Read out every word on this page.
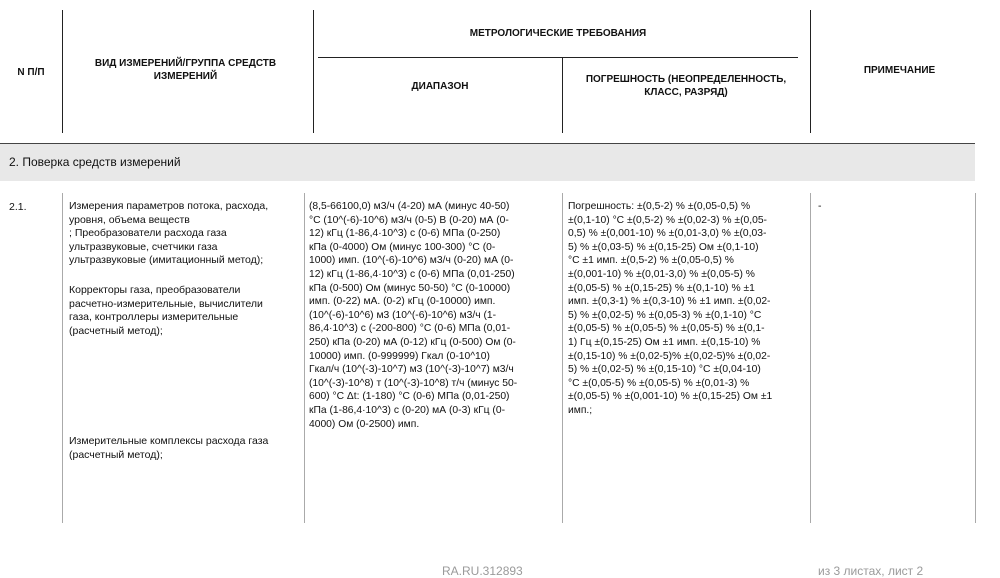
N П/П
ВИД ИЗМЕРЕНИЙ/ГРУППА СРЕДСТВ ИЗМЕРЕНИЙ
МЕТРОЛОГИЧЕСКИЕ ТРЕБОВАНИЯ
ДИАПАЗОН
ПОГРЕШНОСТЬ (НЕОПРЕДЕЛЕННОСТЬ, КЛАСС, РАЗРЯД)
ПРИМЕЧАНИЕ
2. Поверка средств измерений
2.1.	Измерения параметров потока, расхода, уровня, объема веществ
; Преобразователи расхода газа ультразвуковые, счетчики газа ультразвуковые (имитационный метод);
Корректоры газа, преобразователи расчетно-измерительные, вычислители газа, контроллеры измерительные (расчетный метод);
Измерительные комплексы расхода газа (расчетный метод);
(8,5-66100,0) м3/ч (4-20) мА (минус 40-50)
°С (10^(-6)-10^6) м3/ч (0-5) В (0-20) мА (0-
12) кГц (1-86,4·10^3) с (0-6) МПа (0-250)
кПа (0-4000) Ом (минус 100-300) °С (0-
1000) имп. (10^(-6)-10^6) м3/ч (0-20) мА (0-
12) кГц (1-86,4·10^3) с (0-6) МПа (0,01-250)
кПа (0-500) Ом (минус 50-50) °С (0-10000)
имп. (0-22) мА. (0-2) кГц (0-10000) имп.
(10^(-6)-10^6) м3 (10^(-6)-10^6) м3/ч (1-
86,4·10^3) с (-200-800) °С (0-6) МПа (0,01-
250) кПа (0-20) мА (0-12) кГц (0-500) Ом (0-
10000) имп. (0-999999) Гкал (0-10^10)
Гкал/ч (10^(-3)-10^7) м3 (10^(-3)-10^7) м3/ч
(10^(-3)-10^8) т (10^(-3)-10^8) т/ч (минус 50-
600) °С Δt: (1-180) °С (0-6) МПа (0,01-250)
кПа (1-86,4·10^3) с (0-20) мА (0-3) кГц (0-
4000) Ом (0-2500) имп.
Погрешность: ±(0,5-2) % ±(0,05-0,5) %
±(0,1-10) °С ±(0,5-2) % ±(0,02-3) % ±(0,05-
0,5) % ±(0,001-10) % ±(0,01-3,0) % ±(0,03-
5) % ±(0,03-5) % ±(0,15-25) Ом ±(0,1-10)
°С ±1 имп. ±(0,5-2) % ±(0,05-0,5) %
±(0,001-10) % ±(0,01-3,0) % ±(0,05-5) %
±(0,05-5) % ±(0,15-25) % ±(0,1-10) % ±1
имп. ±(0,3-1) % ±(0,3-10) % ±1 имп. ±(0,02-
5) % ±(0,02-5) % ±(0,05-3) % ±(0,1-10) °С
±(0,05-5) % ±(0,05-5) % ±(0,05-5) % ±(0,1-
1) Гц ±(0,15-25) Ом ±1 имп. ±(0,15-10) %
±(0,15-10) % ±(0,02-5)% ±(0,02-5)% ±(0,02-
5) % ±(0,02-5) % ±(0,15-10) °С ±(0,04-10)
°С ±(0,05-5) % ±(0,05-5) % ±(0,01-3) %
±(0,05-5) % ±(0,001-10) % ±(0,15-25) Ом ±1
имп.;
-
RA.RU.312893	из 3 листах, лист 2
